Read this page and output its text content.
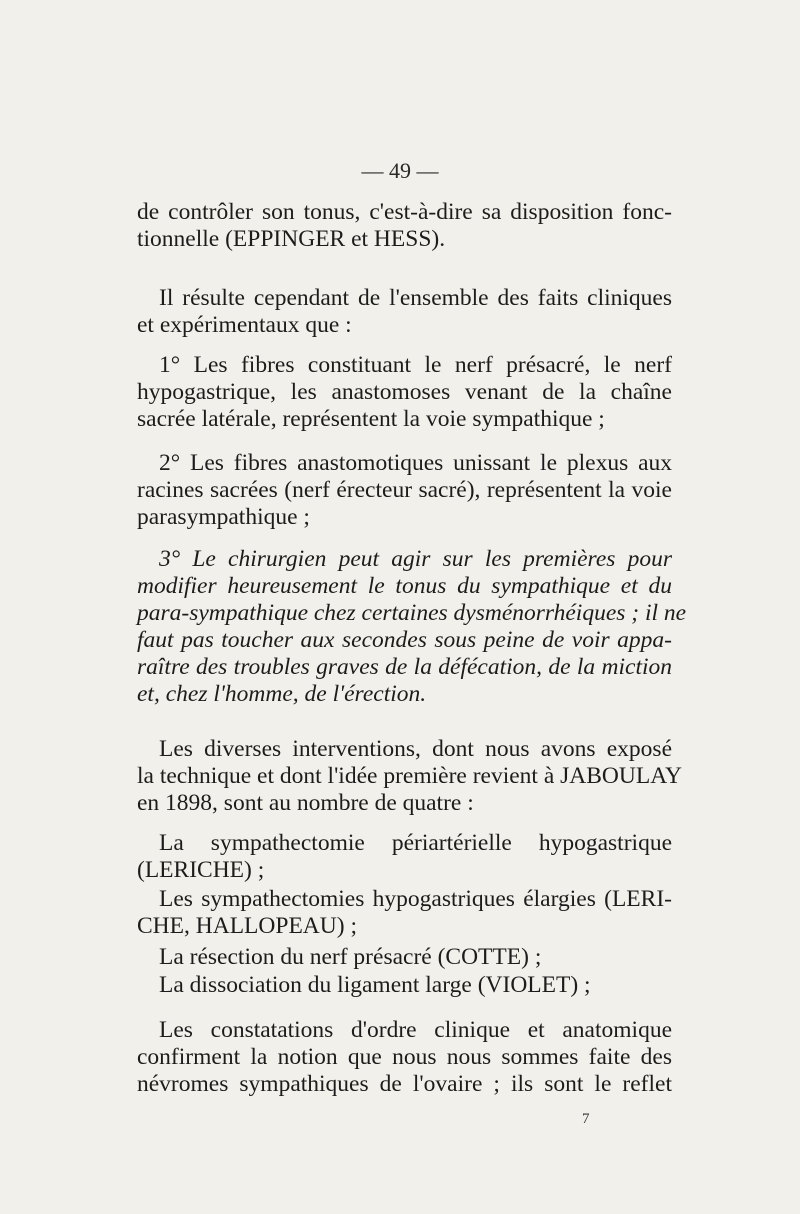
— 49 —
de contrôler son tonus, c'est-à-dire sa disposition fonc-
tionnelle (EPPINGER et HESS).
Il résulte cependant de l'ensemble des faits cliniques
et expérimentaux que :
1° Les fibres constituant le nerf présacré, le nerf
hypogastrique, les anastomoses venant de la chaîne
sacrée latérale, représentent la voie sympathique ;
2° Les fibres anastomotiques unissant le plexus aux
racines sacrées (nerf érecteur sacré), représentent la voie
parasympathique ;
3° Le chirurgien peut agir sur les premières pour
modifier heureusement le tonus du sympathique et du
para-sympathique chez certaines dysménorrhéiques ; il ne
faut pas toucher aux secondes sous peine de voir appa-
raître des troubles graves de la défécation, de la miction
et, chez l'homme, de l'érection.
Les diverses interventions, dont nous avons exposé
la technique et dont l'idée première revient à JABOULAY
en 1898, sont au nombre de quatre :
La sympathectomie périartérielle hypogastrique
(LERICHE) ;
Les sympathectomies hypogastriques élargies (LERI-
CHE, HALLOPEAU) ;
La résection du nerf présacré (COTTE) ;
La dissociation du ligament large (VIOLET) ;
Les constatations d'ordre clinique et anatomique
confirment la notion que nous nous sommes faite des
névromes sympathiques de l'ovaire ; ils sont le reflet
7
